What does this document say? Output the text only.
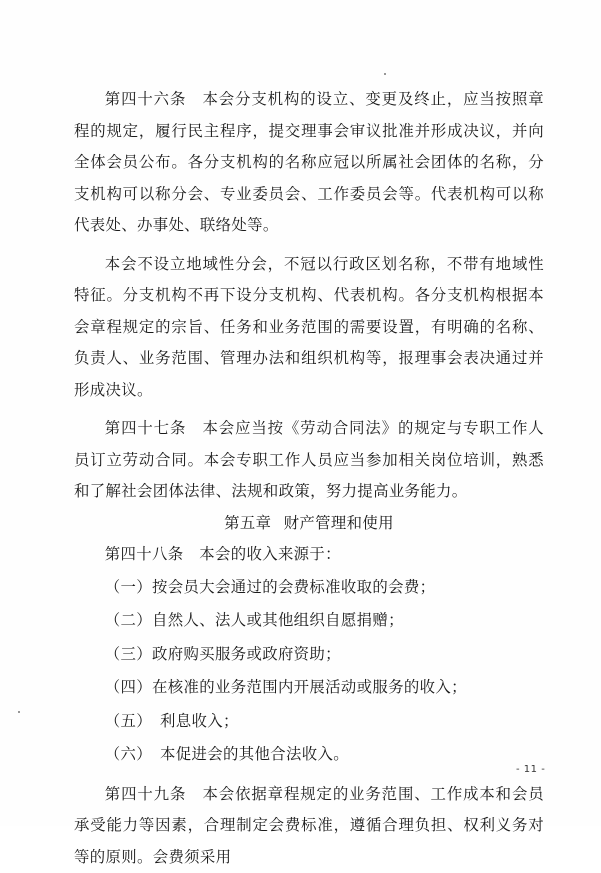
第四十六条　本会分支机构的设立、变更及终止，应当按照章程的规定，履行民主程序，提交理事会审议批准并形成决议，并向全体会员公布。各分支机构的名称应冠以所属社会团体的名称，分支机构可以称分会、专业委员会、工作委员会等。代表机构可以称代表处、办事处、联络处等。

本会不设立地域性分会，不冠以行政区划名称，不带有地域性特征。分支机构不再下设分支机构、代表机构。各分支机构根据本会章程规定的宗旨、任务和业务范围的需要设置，有明确的名称、负责人、业务范围、管理办法和组织机构等，报理事会表决通过并形成决议。

第四十七条　本会应当按《劳动合同法》的规定与专职工作人员订立劳动合同。本会专职工作人员应当参加相关岗位培训，熟悉和了解社会团体法律、法规和政策，努力提高业务能力。

第五章 财产管理和使用

第四十八条　本会的收入来源于：

（一）按会员大会通过的会费标准收取的会费；

（二）自然人、法人或其他组织自愿捐赠；

（三）政府购买服务或政府资助；

（四）在核准的业务范围内开展活动或服务的收入；

（五）　利息收入；

（六）　本促进会的其他合法收入。

第四十九条　本会依据章程规定的业务范围、工作成本和会员承受能力等因素，合理制定会费标准，遵循合理负担、权利义务对等的原则。会费须采用

- 11 -
